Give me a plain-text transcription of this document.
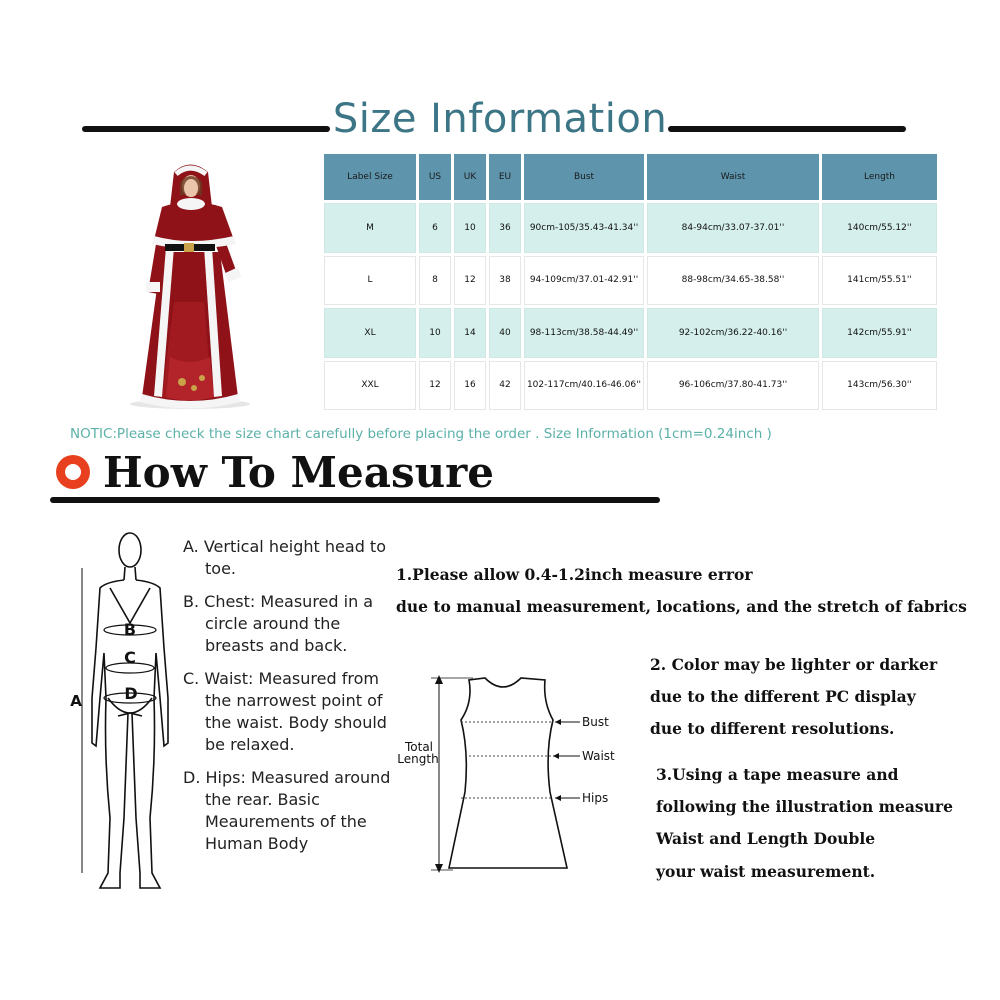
Size Information
Label Size	US	UK	EU	Bust	Waist	Length
M	6	10	36	90cm-105/35.43-41.34''	84-94cm/33.07-37.01''	140cm/55.12''
L	8	12	38	94-109cm/37.01-42.91''	88-98cm/34.65-38.58''	141cm/55.51''
XL	10	14	40	98-113cm/38.58-44.49''	92-102cm/36.22-40.16''	142cm/55.91''
XXL	12	16	42	102-117cm/40.16-46.06''	96-106cm/37.80-41.73''	143cm/56.30''
NOTIC:Please check the size chart carefully before placing the order . Size Information (1cm=0.24inch )
How To Measure
A
B
C
D

A. Vertical height head to toe.

B. Chest: Measured in a circle around the breasts and back.

C. Waist: Measured from the narrowest point of the waist. Body should be relaxed.

D. Hips: Measured around the rear. Basic Meaurements of the Human Body

1.Please allow 0.4-1.2inch measure error
due to manual measurement, locations, and the stretch of fabrics
2. Color may be lighter or darker
due to the different PC display
due to different resolutions.
3.Using a tape measure and
following the illustration measure
Waist and Length Double
your waist measurement.
Total
Length
Bust
Waist
Hips
